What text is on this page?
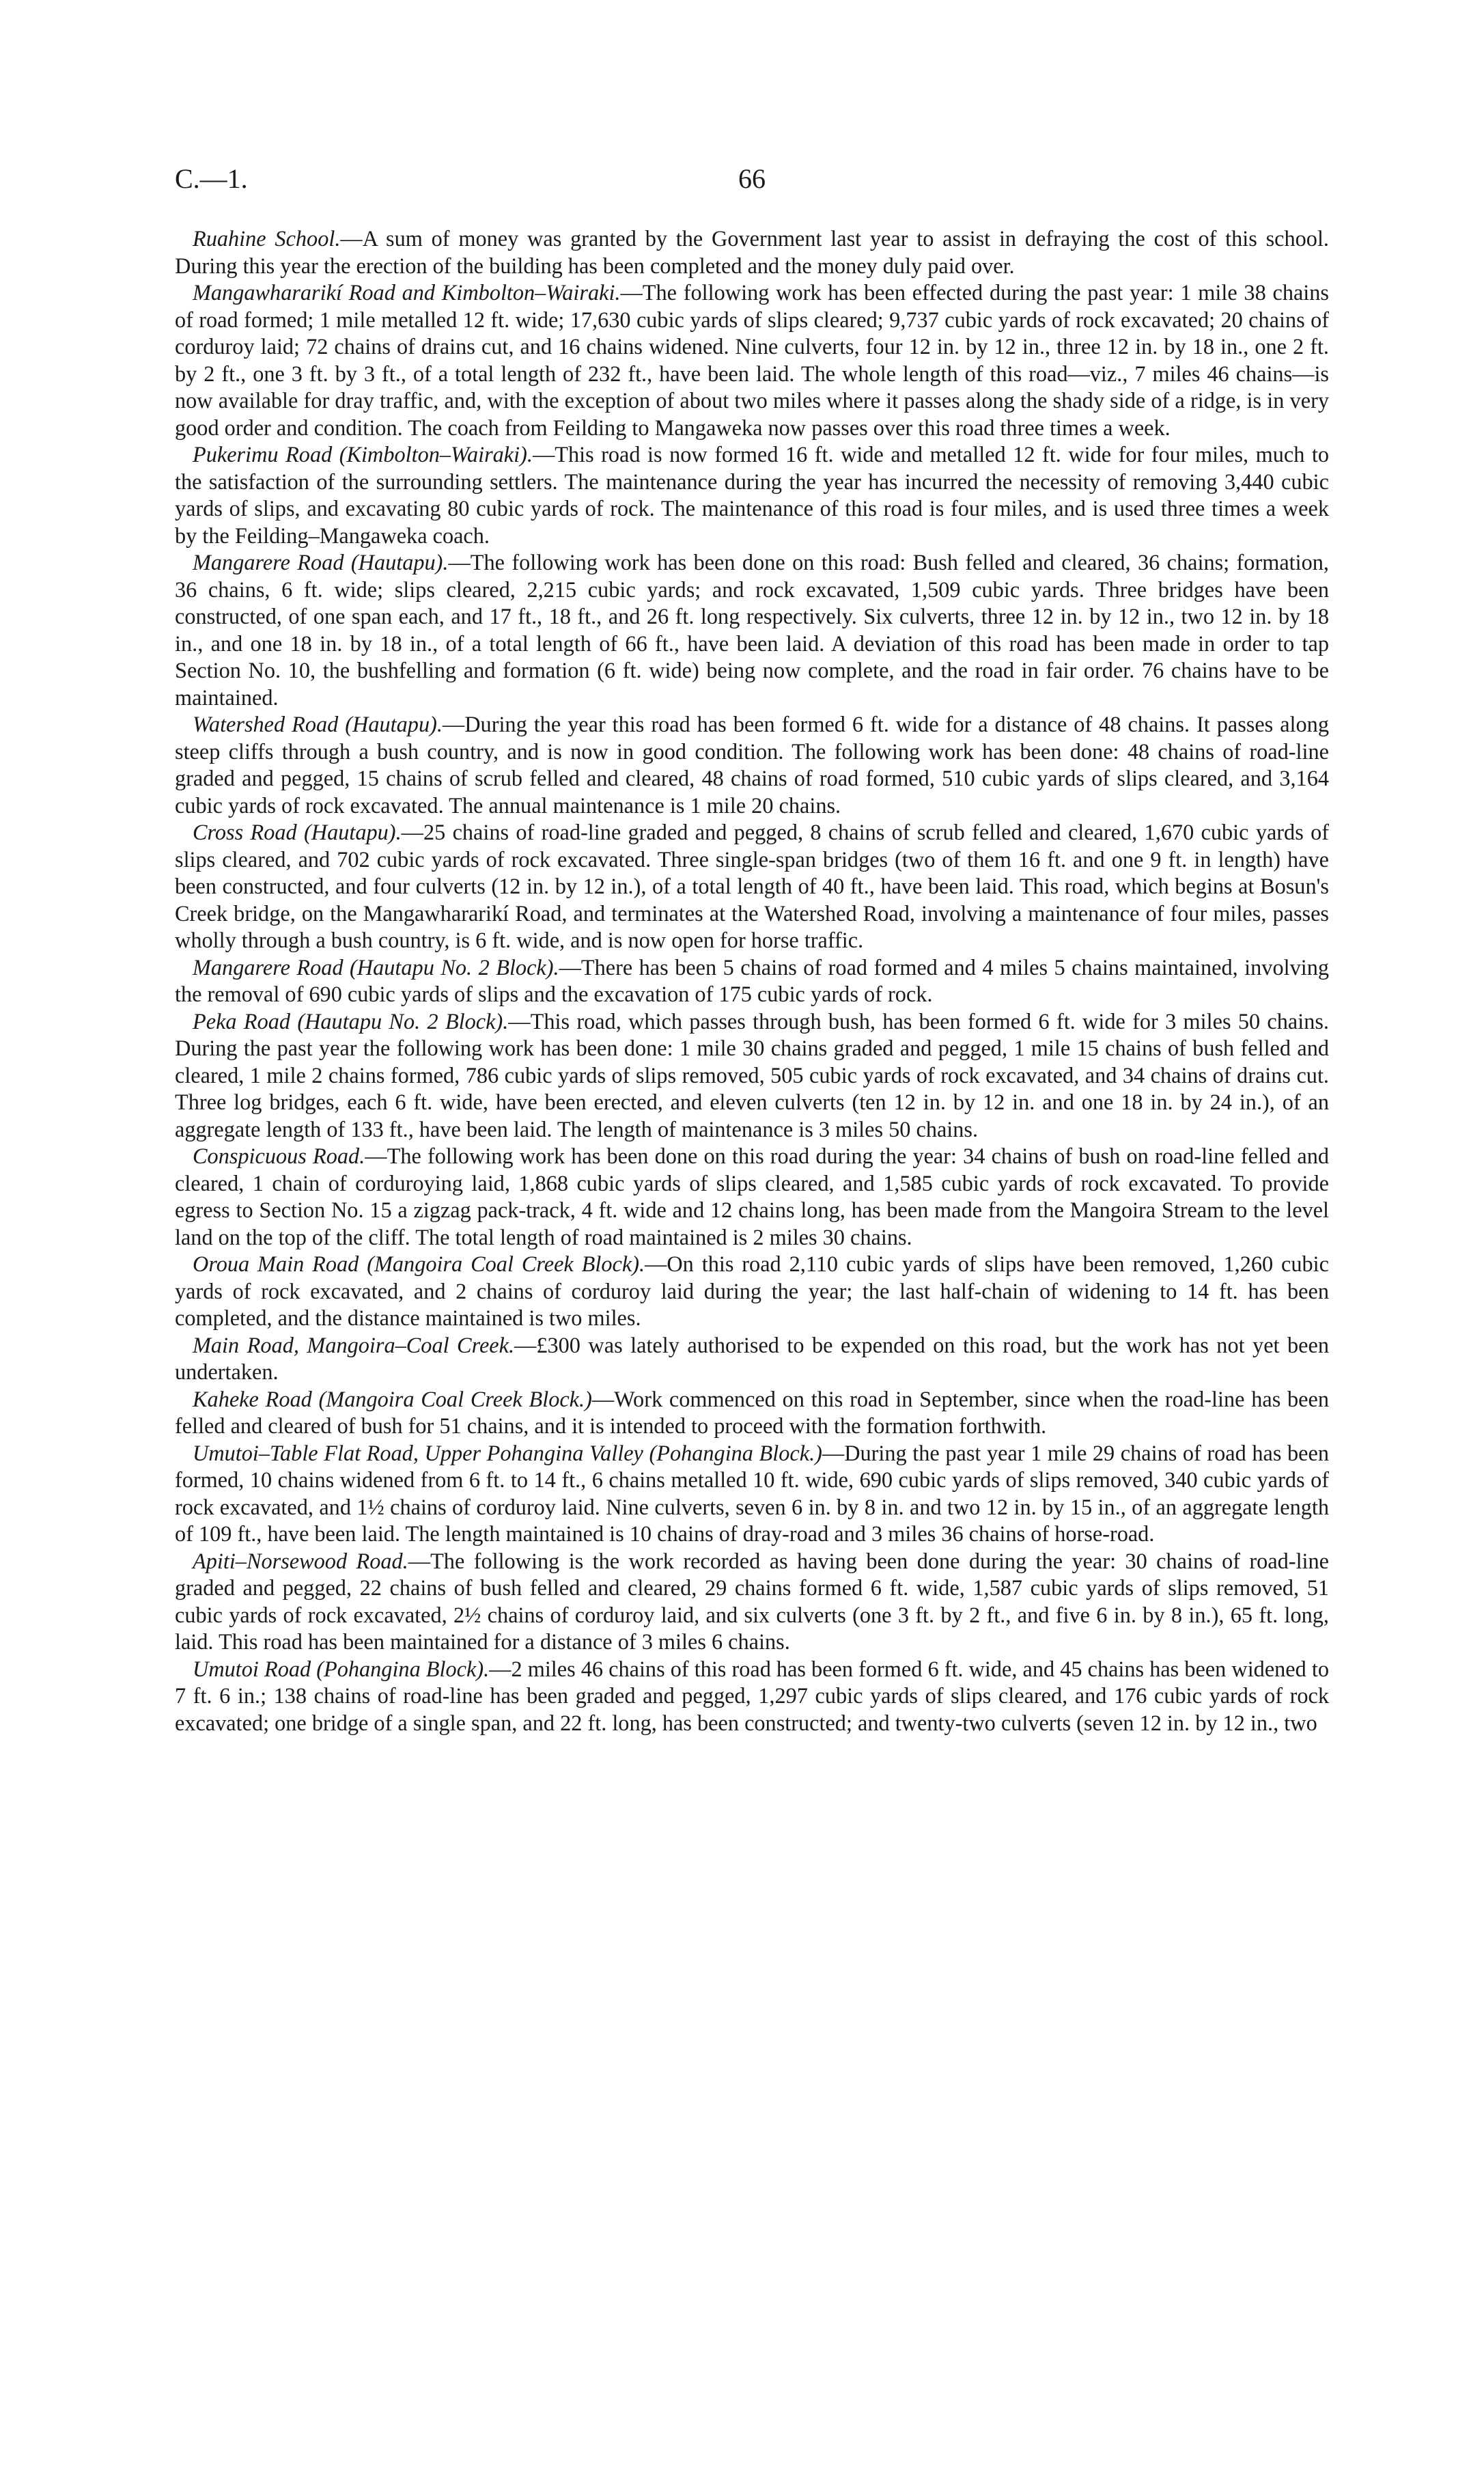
C.—1.	66

Ruahine School.—A sum of money was granted by the Government last year to assist in defraying the cost of this school. During this year the erection of the building has been completed and the money duly paid over.

Mangawhararikí Road and Kimbolton–Wairaki.—The following work has been effected during the past year: 1 mile 38 chains of road formed; 1 mile metalled 12 ft. wide; 17,630 cubic yards of slips cleared; 9,737 cubic yards of rock excavated; 20 chains of corduroy laid; 72 chains of drains cut, and 16 chains widened. Nine culverts, four 12 in. by 12 in., three 12 in. by 18 in., one 2 ft. by 2 ft., one 3 ft. by 3 ft., of a total length of 232 ft., have been laid. The whole length of this road—viz., 7 miles 46 chains—is now available for dray traffic, and, with the exception of about two miles where it passes along the shady side of a ridge, is in very good order and condition. The coach from Feilding to Mangaweka now passes over this road three times a week.

Pukerimu Road (Kimbolton–Wairaki).—This road is now formed 16 ft. wide and metalled 12 ft. wide for four miles, much to the satisfaction of the surrounding settlers. The maintenance during the year has incurred the necessity of removing 3,440 cubic yards of slips, and excavating 80 cubic yards of rock. The maintenance of this road is four miles, and is used three times a week by the Feilding–Mangaweka coach.

Mangarere Road (Hautapu).—The following work has been done on this road: Bush felled and cleared, 36 chains; formation, 36 chains, 6 ft. wide; slips cleared, 2,215 cubic yards; and rock excavated, 1,509 cubic yards. Three bridges have been constructed, of one span each, and 17 ft., 18 ft., and 26 ft. long respectively. Six culverts, three 12 in. by 12 in., two 12 in. by 18 in., and one 18 in. by 18 in., of a total length of 66 ft., have been laid. A deviation of this road has been made in order to tap Section No. 10, the bushfelling and formation (6 ft. wide) being now complete, and the road in fair order. 76 chains have to be maintained.

Watershed Road (Hautapu).—During the year this road has been formed 6 ft. wide for a distance of 48 chains. It passes along steep cliffs through a bush country, and is now in good condition. The following work has been done: 48 chains of road-line graded and pegged, 15 chains of scrub felled and cleared, 48 chains of road formed, 510 cubic yards of slips cleared, and 3,164 cubic yards of rock excavated. The annual maintenance is 1 mile 20 chains.

Cross Road (Hautapu).—25 chains of road-line graded and pegged, 8 chains of scrub felled and cleared, 1,670 cubic yards of slips cleared, and 702 cubic yards of rock excavated. Three single-span bridges (two of them 16 ft. and one 9 ft. in length) have been constructed, and four culverts (12 in. by 12 in.), of a total length of 40 ft., have been laid. This road, which begins at Bosun's Creek bridge, on the Mangawhararikí Road, and terminates at the Watershed Road, involving a maintenance of four miles, passes wholly through a bush country, is 6 ft. wide, and is now open for horse traffic.

Mangarere Road (Hautapu No. 2 Block).—There has been 5 chains of road formed and 4 miles 5 chains maintained, involving the removal of 690 cubic yards of slips and the excavation of 175 cubic yards of rock.

Peka Road (Hautapu No. 2 Block).—This road, which passes through bush, has been formed 6 ft. wide for 3 miles 50 chains. During the past year the following work has been done: 1 mile 30 chains graded and pegged, 1 mile 15 chains of bush felled and cleared, 1 mile 2 chains formed, 786 cubic yards of slips removed, 505 cubic yards of rock excavated, and 34 chains of drains cut. Three log bridges, each 6 ft. wide, have been erected, and eleven culverts (ten 12 in. by 12 in. and one 18 in. by 24 in.), of an aggregate length of 133 ft., have been laid. The length of maintenance is 3 miles 50 chains.

Conspicuous Road.—The following work has been done on this road during the year: 34 chains of bush on road-line felled and cleared, 1 chain of corduroying laid, 1,868 cubic yards of slips cleared, and 1,585 cubic yards of rock excavated. To provide egress to Section No. 15 a zigzag pack-track, 4 ft. wide and 12 chains long, has been made from the Mangoira Stream to the level land on the top of the cliff. The total length of road maintained is 2 miles 30 chains.

Oroua Main Road (Mangoira Coal Creek Block).—On this road 2,110 cubic yards of slips have been removed, 1,260 cubic yards of rock excavated, and 2 chains of corduroy laid during the year; the last half-chain of widening to 14 ft. has been completed, and the distance maintained is two miles.

Main Road, Mangoira–Coal Creek.—£300 was lately authorised to be expended on this road, but the work has not yet been undertaken.

Kaheke Road (Mangoira Coal Creek Block.)—Work commenced on this road in September, since when the road-line has been felled and cleared of bush for 51 chains, and it is intended to proceed with the formation forthwith.

Umutoi–Table Flat Road, Upper Pohangina Valley (Pohangina Block.)—During the past year 1 mile 29 chains of road has been formed, 10 chains widened from 6 ft. to 14 ft., 6 chains metalled 10 ft. wide, 690 cubic yards of slips removed, 340 cubic yards of rock excavated, and 1½ chains of corduroy laid. Nine culverts, seven 6 in. by 8 in. and two 12 in. by 15 in., of an aggregate length of 109 ft., have been laid. The length maintained is 10 chains of dray-road and 3 miles 36 chains of horse-road.

Apiti–Norsewood Road.—The following is the work recorded as having been done during the year: 30 chains of road-line graded and pegged, 22 chains of bush felled and cleared, 29 chains formed 6 ft. wide, 1,587 cubic yards of slips removed, 51 cubic yards of rock excavated, 2½ chains of corduroy laid, and six culverts (one 3 ft. by 2 ft., and five 6 in. by 8 in.), 65 ft. long, laid. This road has been maintained for a distance of 3 miles 6 chains.

Umutoi Road (Pohangina Block).—2 miles 46 chains of this road has been formed 6 ft. wide, and 45 chains has been widened to 7 ft. 6 in.; 138 chains of road-line has been graded and pegged, 1,297 cubic yards of slips cleared, and 176 cubic yards of rock excavated; one bridge of a single span, and 22 ft. long, has been constructed; and twenty-two culverts (seven 12 in. by 12 in., two
